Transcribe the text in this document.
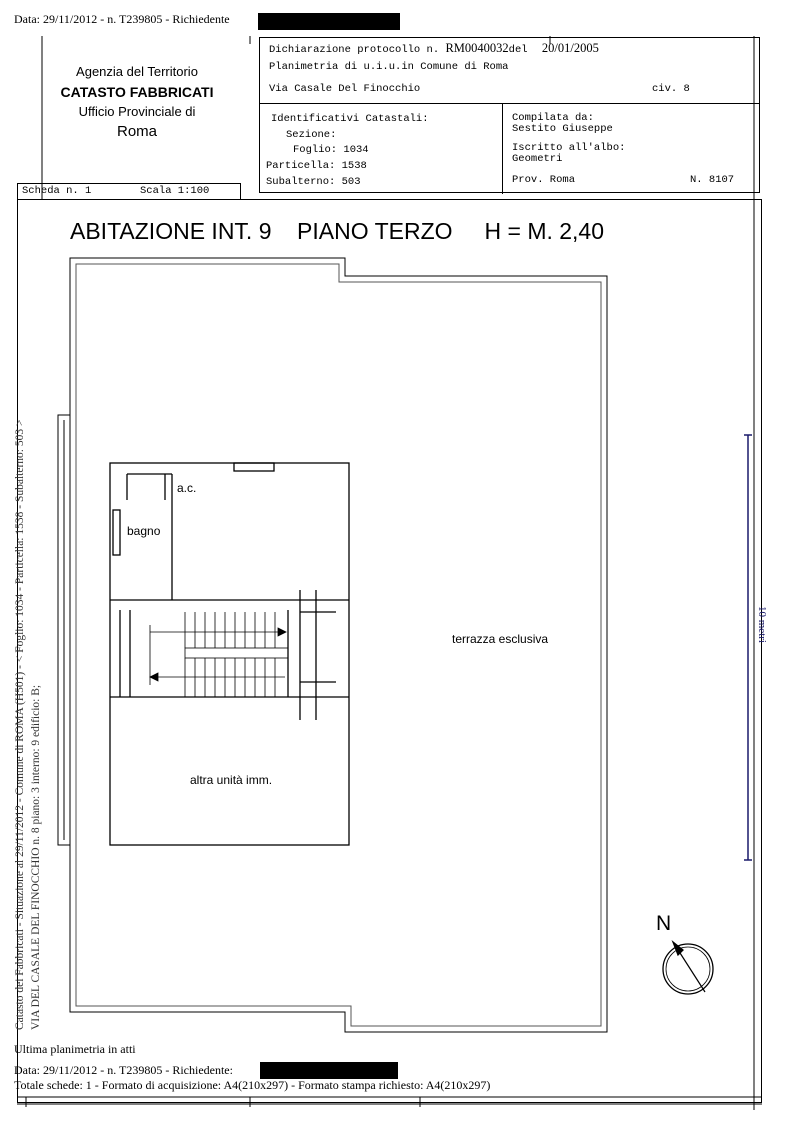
Data: 29/11/2012 - n. T239805 - Richiedente
Agenzia del Territorio
CATASTO FABBRICATI
Ufficio Provinciale di
Roma
Dichiarazione protocollo n. RM0040032del 20/01/2005
Planimetria di u.i.u.in Comune di Roma
Via Casale Del Finocchio	civ. 8
Identificativi Catastali:
Sezione:
Foglio: 1034
Particella: 1538
Subalterno: 503
Compilata da:
Sestito Giuseppe
Iscritto all'albo:
Geometri
Prov. Roma	N. 8107
Scheda n. 1	Scala 1:100
ABITAZIONE INT. 9    PIANO TERZO     H = M. 2,40
a.c.
bagno
terrazza esclusiva
altra unità imm.
10 metri
N
Catasto dei Fabbricati - Situazione al 29/11/2012 - Comune di ROMA (H501) - < Foglio: 1034 - Particella: 1538 - Subalterno: 503 > VIA DEL CASALE DEL FINOCCHIO n. 8 piano: 3 interno: 9 edificio: B;
Ultima planimetria in atti
Data: 29/11/2012 - n. T239805 - Richiedente:
Totale schede: 1 - Formato di acquisizione: A4(210x297) - Formato stampa richiesto: A4(210x297)
